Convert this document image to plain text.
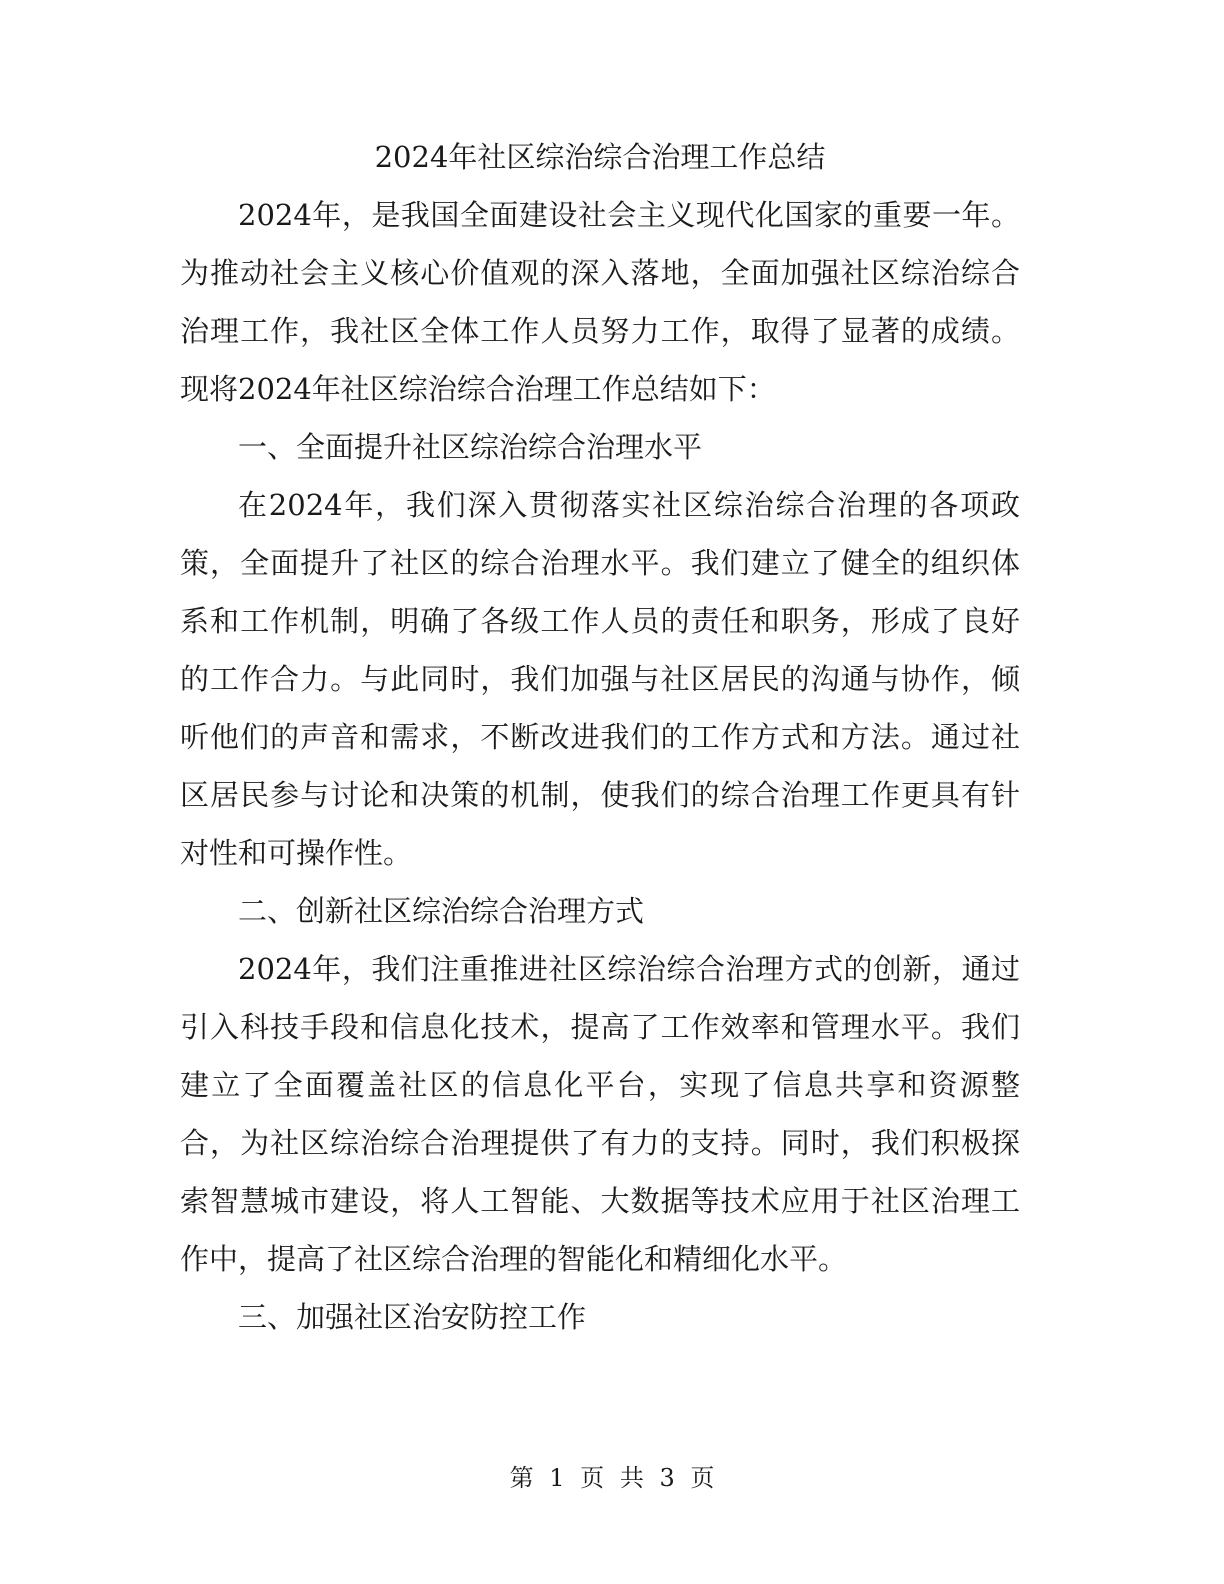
2024年社区综治综合治理工作总结

2024年，是我国全面建设社会主义现代化国家的重要一年。为推动社会主义核心价值观的深入落地，全面加强社区综治综合治理工作，我社区全体工作人员努力工作，取得了显著的成绩。现将2024年社区综治综合治理工作总结如下：

一、全面提升社区综治综合治理水平

在2024年，我们深入贯彻落实社区综治综合治理的各项政策，全面提升了社区的综合治理水平。我们建立了健全的组织体系和工作机制，明确了各级工作人员的责任和职务，形成了良好的工作合力。与此同时，我们加强与社区居民的沟通与协作，倾听他们的声音和需求，不断改进我们的工作方式和方法。通过社区居民参与讨论和决策的机制，使我们的综合治理工作更具有针对性和可操作性。

二、创新社区综治综合治理方式

2024年，我们注重推进社区综治综合治理方式的创新，通过引入科技手段和信息化技术，提高了工作效率和管理水平。我们建立了全面覆盖社区的信息化平台，实现了信息共享和资源整合，为社区综治综合治理提供了有力的支持。同时，我们积极探索智慧城市建设，将人工智能、大数据等技术应用于社区治理工作中，提高了社区综合治理的智能化和精细化水平。

三、加强社区治安防控工作
第 1 页 共 3 页
